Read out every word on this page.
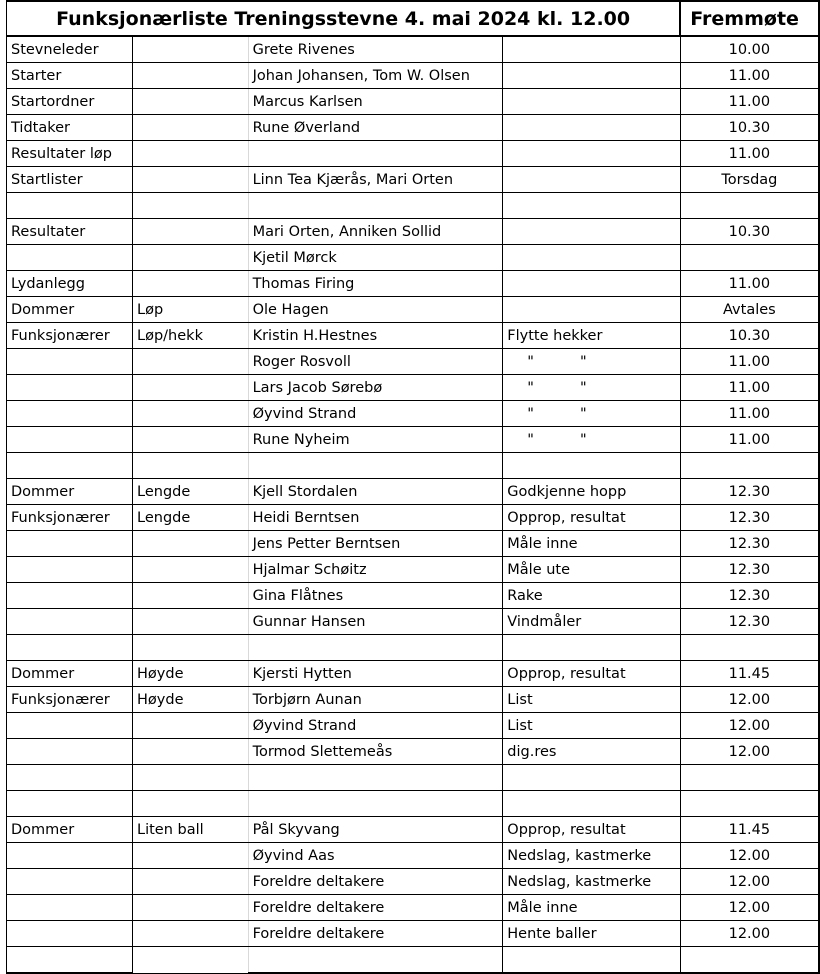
Funksjonærliste Treningsstevne 4. mai 2024 kl. 12.00				Fremmøte
Stevneleder		Grete Rivenes		10.00
Starter		Johan Johansen, Tom W. Olsen		11.00
Startordner		Marcus Karlsen		11.00
Tidtaker		Rune Øverland		10.30
Resultater løp				11.00
Startlister		Linn Tea Kjærås, Mari Orten		Torsdag

Resultater		Mari Orten, Anniken Sollid		10.30
		Kjetil Mørck		
Lydanlegg		Thomas Firing		11.00
Dommer	Løp	Ole Hagen		Avtales
Funksjonærer	Løp/hekk	Kristin H.Hestnes	Flytte hekker	10.30
		Roger Rosvoll	"          "	11.00
		Lars Jacob Sørebø	"          "	11.00
		Øyvind Strand	"          "	11.00
		Rune Nyheim	"          "	11.00

Dommer	Lengde	Kjell Stordalen	Godkjenne hopp	12.30
Funksjonærer	Lengde	Heidi Berntsen	Opprop, resultat	12.30
		Jens Petter Berntsen	Måle inne	12.30
		Hjalmar Schøitz	Måle ute	12.30
		Gina Flåtnes	Rake	12.30
		Gunnar Hansen	Vindmåler	12.30

Dommer	Høyde	Kjersti Hytten	Opprop, resultat	11.45
Funksjonærer	Høyde	Torbjørn Aunan	List	12.00
		Øyvind Strand	List	12.00
		Tormod Slettemeås	dig.res	12.00

Dommer	Liten ball	Pål Skyvang	Opprop, resultat	11.45
		Øyvind Aas	Nedslag, kastmerke	12.00
		Foreldre deltakere	Nedslag, kastmerke	12.00
		Foreldre deltakere	Måle inne	12.00
		Foreldre deltakere	Hente baller	12.00
